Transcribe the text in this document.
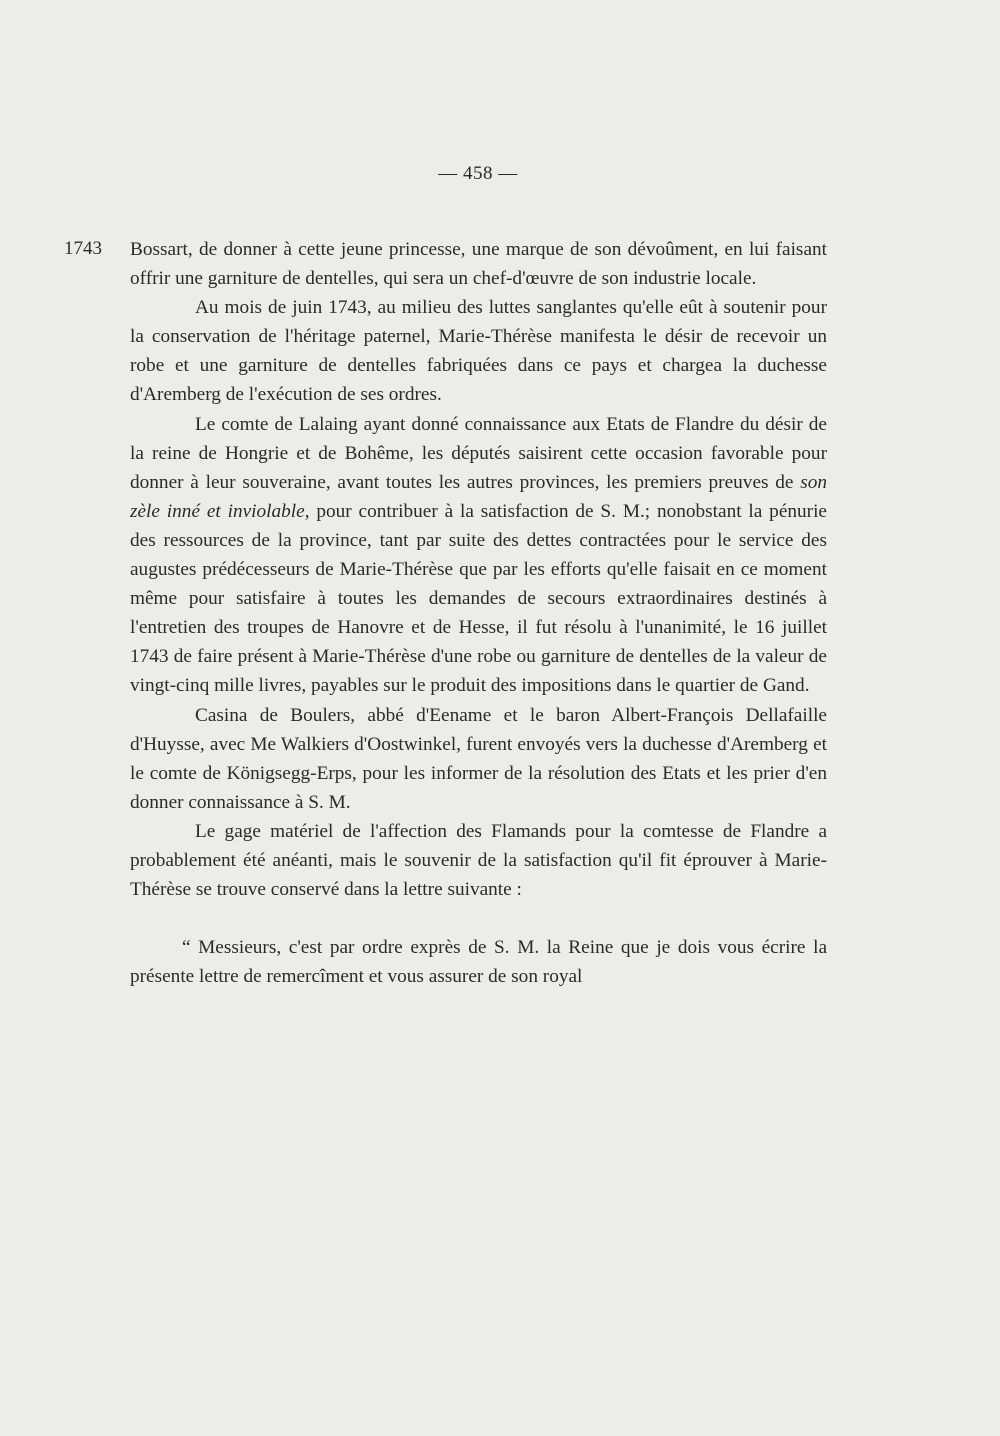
— 458 —
1743 Bossart, de donner à cette jeune princesse, une marque de son dévoûment, en lui faisant offrir une garniture de dentelles, qui sera un chef-d'œuvre de son industrie locale.

Au mois de juin 1743, au milieu des luttes sanglantes qu'elle eût à soutenir pour la conservation de l'héritage paternel, Marie-Thérèse manifesta le désir de recevoir un robe et une garniture de dentelles fabriquées dans ce pays et chargea la duchesse d'Aremberg de l'exécution de ses ordres.

Le comte de Lalaing ayant donné connaissance aux Etats de Flandre du désir de la reine de Hongrie et de Bohême, les députés saisirent cette occasion favorable pour donner à leur souveraine, avant toutes les autres provinces, les premiers preuves de son zèle inné et inviolable, pour contribuer à la satisfaction de S. M.; nonobstant la pénurie des ressources de la province, tant par suite des dettes contractées pour le service des augustes prédécesseurs de Marie-Thérèse que par les efforts qu'elle faisait en ce moment même pour satisfaire à toutes les demandes de secours extraordinaires destinés à l'entretien des troupes de Hanovre et de Hesse, il fut résolu à l'unanimité, le 16 juillet 1743 de faire présent à Marie-Thérèse d'une robe ou garniture de dentelles de la valeur de vingt-cinq mille livres, payables sur le produit des impositions dans le quartier de Gand.

Casina de Boulers, abbé d'Eename et le baron Albert-François Dellafaille d'Huysse, avec Me Walkiers d'Oostwinkel, furent envoyés vers la duchesse d'Aremberg et le comte de Königsegg-Erps, pour les informer de la résolution des Etats et les prier d'en donner connaissance à S. M.

Le gage matériel de l'affection des Flamands pour la comtesse de Flandre a probablement été anéanti, mais le souvenir de la satisfaction qu'il fit éprouver à Marie-Thérèse se trouve conservé dans la lettre suivante :

“ Messieurs, c'est par ordre exprès de S. M. la Reine que je dois vous écrire la présente lettre de remercîment et vous assurer de son royal
